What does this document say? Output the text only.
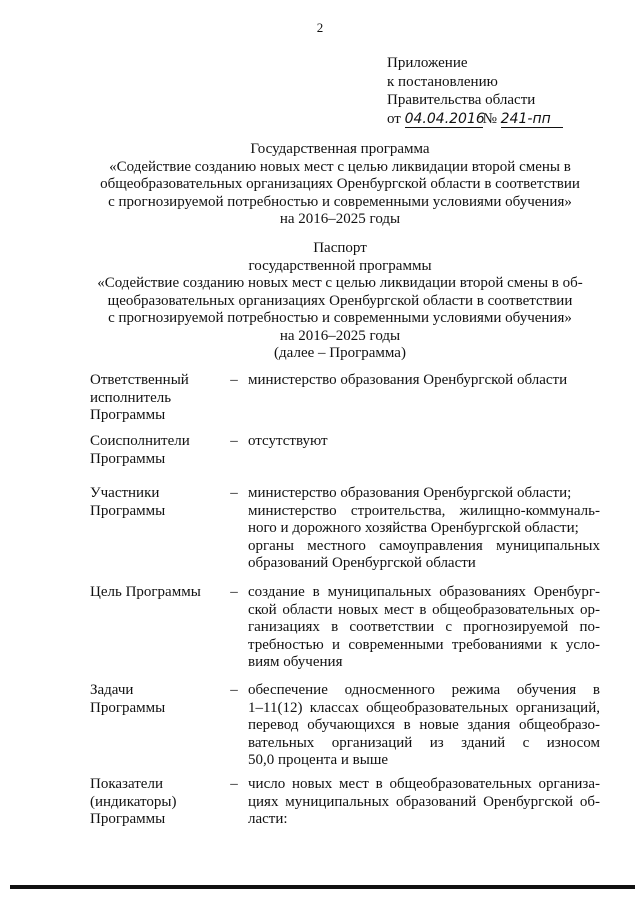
2
Приложение
к постановлению
Правительства области
от 04.04.2016№ 241-пп
Государственная программа
«Содействие созданию новых мест с целью ликвидации второй смены в
общеобразовательных организациях Оренбургской области в соответствии
с прогнозируемой потребностью и современными условиями обучения»
на 2016–2025 годы
Паспорт
государственной программы
«Содействие созданию новых мест с целью ликвидации второй смены в об-
щеобразовательных организациях Оренбургской области в соответствии
с прогнозируемой потребностью и современными условиями обучения»
на 2016–2025 годы
(далее – Программа)
Ответственный
исполнитель
Программы
– министерство образования Оренбургской области
Соисполнители
Программы
– отсутствуют
Участники
Программы
– министерство образования Оренбургской области;
министерство строительства, жилищно-коммуналь-
ного и дорожного хозяйства Оренбургской области;
органы местного самоуправления муниципальных
образований Оренбургской области
Цель Программы	– создание в муниципальных образованиях Оренбург-
ской области новых мест в общеобразовательных ор-
ганизациях в соответствии с прогнозируемой по-
требностью и современными требованиями к усло-
виям обучения
Задачи
Программы
– обеспечение односменного режима обучения в
1–11(12) классах общеобразовательных организаций,
перевод обучающихся в новые здания общеобразо-
вательных организаций из зданий с износом
50,0 процента и выше
Показатели
(индикаторы)
Программы
– число новых мест в общеобразовательных организа-
циях муниципальных образований Оренбургской об-
ласти:
